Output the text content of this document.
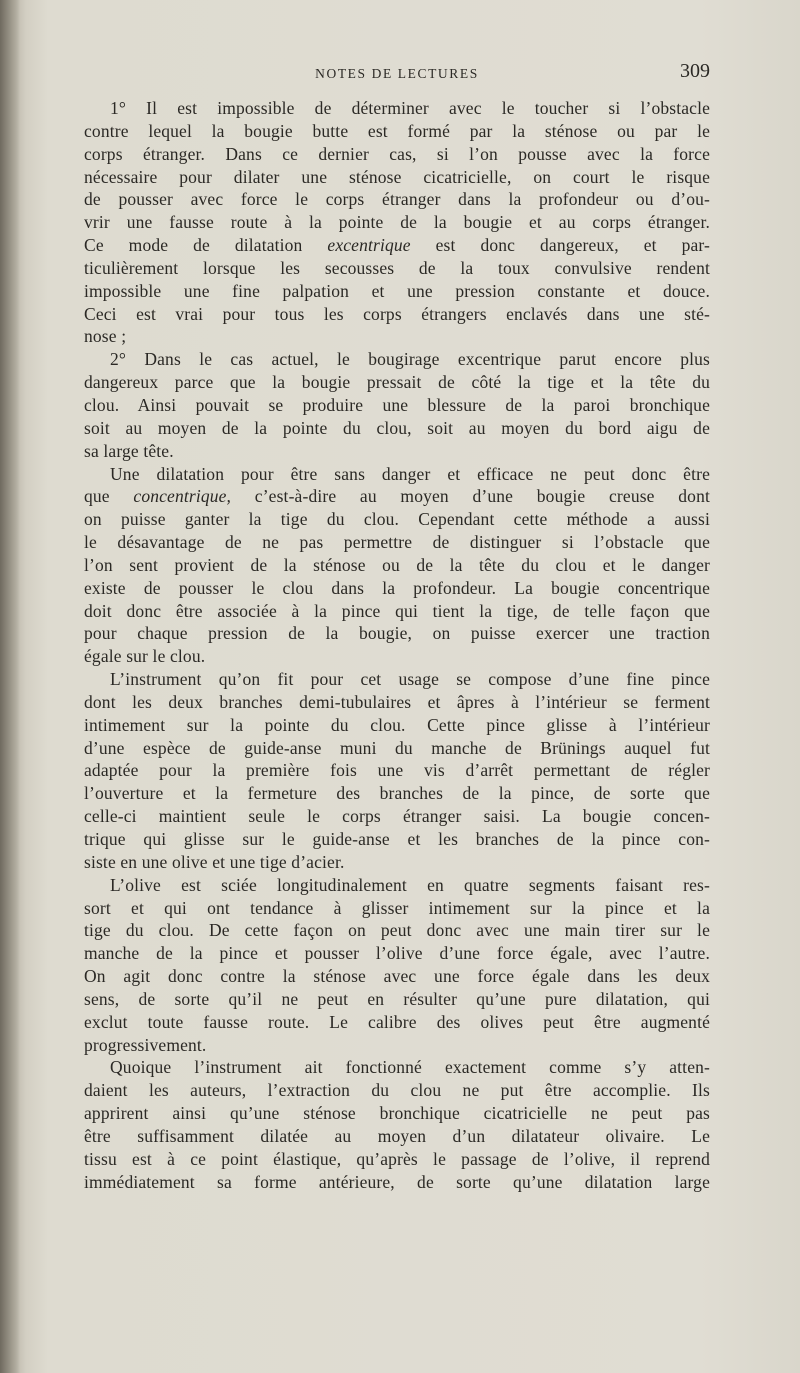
NOTES DE LECTURES	309
1° Il est impossible de déterminer avec le toucher si l’obstacle
contre lequel la bougie butte est formé par la sténose ou par le
corps étranger. Dans ce dernier cas, si l’on pousse avec la force
nécessaire pour dilater une sténose cicatricielle, on court le risque
de pousser avec force le corps étranger dans la profondeur ou d’ou-
vrir une fausse route à la pointe de la bougie et au corps étranger.
Ce mode de dilatation excentrique est donc dangereux, et par-
ticulièrement lorsque les secousses de la toux convulsive rendent
impossible une fine palpation et une pression constante et douce.
Ceci est vrai pour tous les corps étrangers enclavés dans une sté-
nose ;
2° Dans le cas actuel, le bougirage excentrique parut encore plus
dangereux parce que la bougie pressait de côté la tige et la tête du
clou. Ainsi pouvait se produire une blessure de la paroi bronchique
soit au moyen de la pointe du clou, soit au moyen du bord aigu de
sa large tête.
Une dilatation pour être sans danger et efficace ne peut donc être
que concentrique, c’est-à-dire au moyen d’une bougie creuse dont
on puisse ganter la tige du clou. Cependant cette méthode a aussi
le désavantage de ne pas permettre de distinguer si l’obstacle que
l’on sent provient de la sténose ou de la tête du clou et le danger
existe de pousser le clou dans la profondeur. La bougie concentrique
doit donc être associée à la pince qui tient la tige, de telle façon que
pour chaque pression de la bougie, on puisse exercer une traction
égale sur le clou.
L’instrument qu’on fit pour cet usage se compose d’une fine pince
dont les deux branches demi-tubulaires et âpres à l’intérieur se ferment
intimement sur la pointe du clou. Cette pince glisse à l’intérieur
d’une espèce de guide-anse muni du manche de Brünings auquel fut
adaptée pour la première fois une vis d’arrêt permettant de régler
l’ouverture et la fermeture des branches de la pince, de sorte que
celle-ci maintient seule le corps étranger saisi. La bougie concen-
trique qui glisse sur le guide-anse et les branches de la pince con-
siste en une olive et une tige d’acier.
L’olive est sciée longitudinalement en quatre segments faisant res-
sort et qui ont tendance à glisser intimement sur la pince et la
tige du clou. De cette façon on peut donc avec une main tirer sur le
manche de la pince et pousser l’olive d’une force égale, avec l’autre.
On agit donc contre la sténose avec une force égale dans les deux
sens, de sorte qu’il ne peut en résulter qu’une pure dilatation, qui
exclut toute fausse route. Le calibre des olives peut être augmenté
progressivement.
Quoique l’instrument ait fonctionné exactement comme s’y atten-
daient les auteurs, l’extraction du clou ne put être accomplie. Ils
apprirent ainsi qu’une sténose bronchique cicatricielle ne peut pas
être suffisamment dilatée au moyen d’un dilatateur olivaire. Le
tissu est à ce point élastique, qu’après le passage de l’olive, il reprend
immédiatement sa forme antérieure, de sorte qu’une dilatation large
